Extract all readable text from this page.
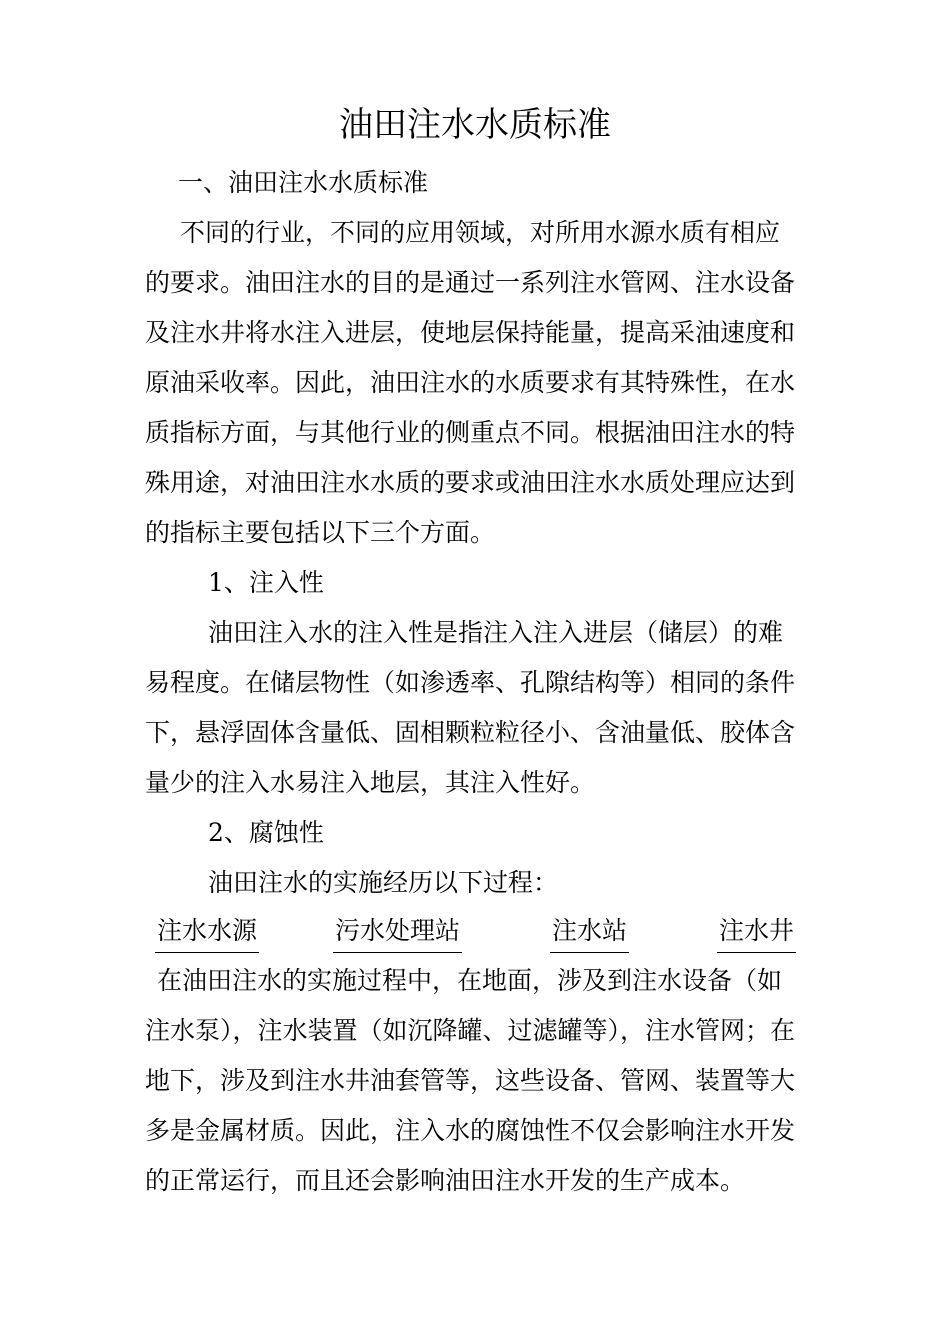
油田注水水质标准
一、油田注水水质标准
不同的行业，不同的应用领域，对所用水源水质有相应
的要求。油田注水的目的是通过一系列注水管网、注水设备
及注水井将水注入进层，使地层保持能量，提高采油速度和
原油采收率。因此，油田注水的水质要求有其特殊性，在水
质指标方面，与其他行业的侧重点不同。根据油田注水的特
殊用途，对油田注水水质的要求或油田注水水质处理应达到
的指标主要包括以下三个方面。
1、注入性
油田注入水的注入性是指注入注入进层（储层）的难
易程度。在储层物性（如渗透率、孔隙结构等）相同的条件
下，悬浮固体含量低、固相颗粒粒径小、含油量低、胶体含
量少的注入水易注入地层，其注入性好。
2、腐蚀性
油田注水的实施经历以下过程：
注水水源	污水处理站	注水站	注水井
在油田注水的实施过程中，在地面，涉及到注水设备（如
注水泵），注水装置（如沉降罐、过滤罐等），注水管网；在
地下，涉及到注水井油套管等，这些设备、管网、装置等大
多是金属材质。因此，注入水的腐蚀性不仅会影响注水开发
的正常运行，而且还会影响油田注水开发的生产成本。
